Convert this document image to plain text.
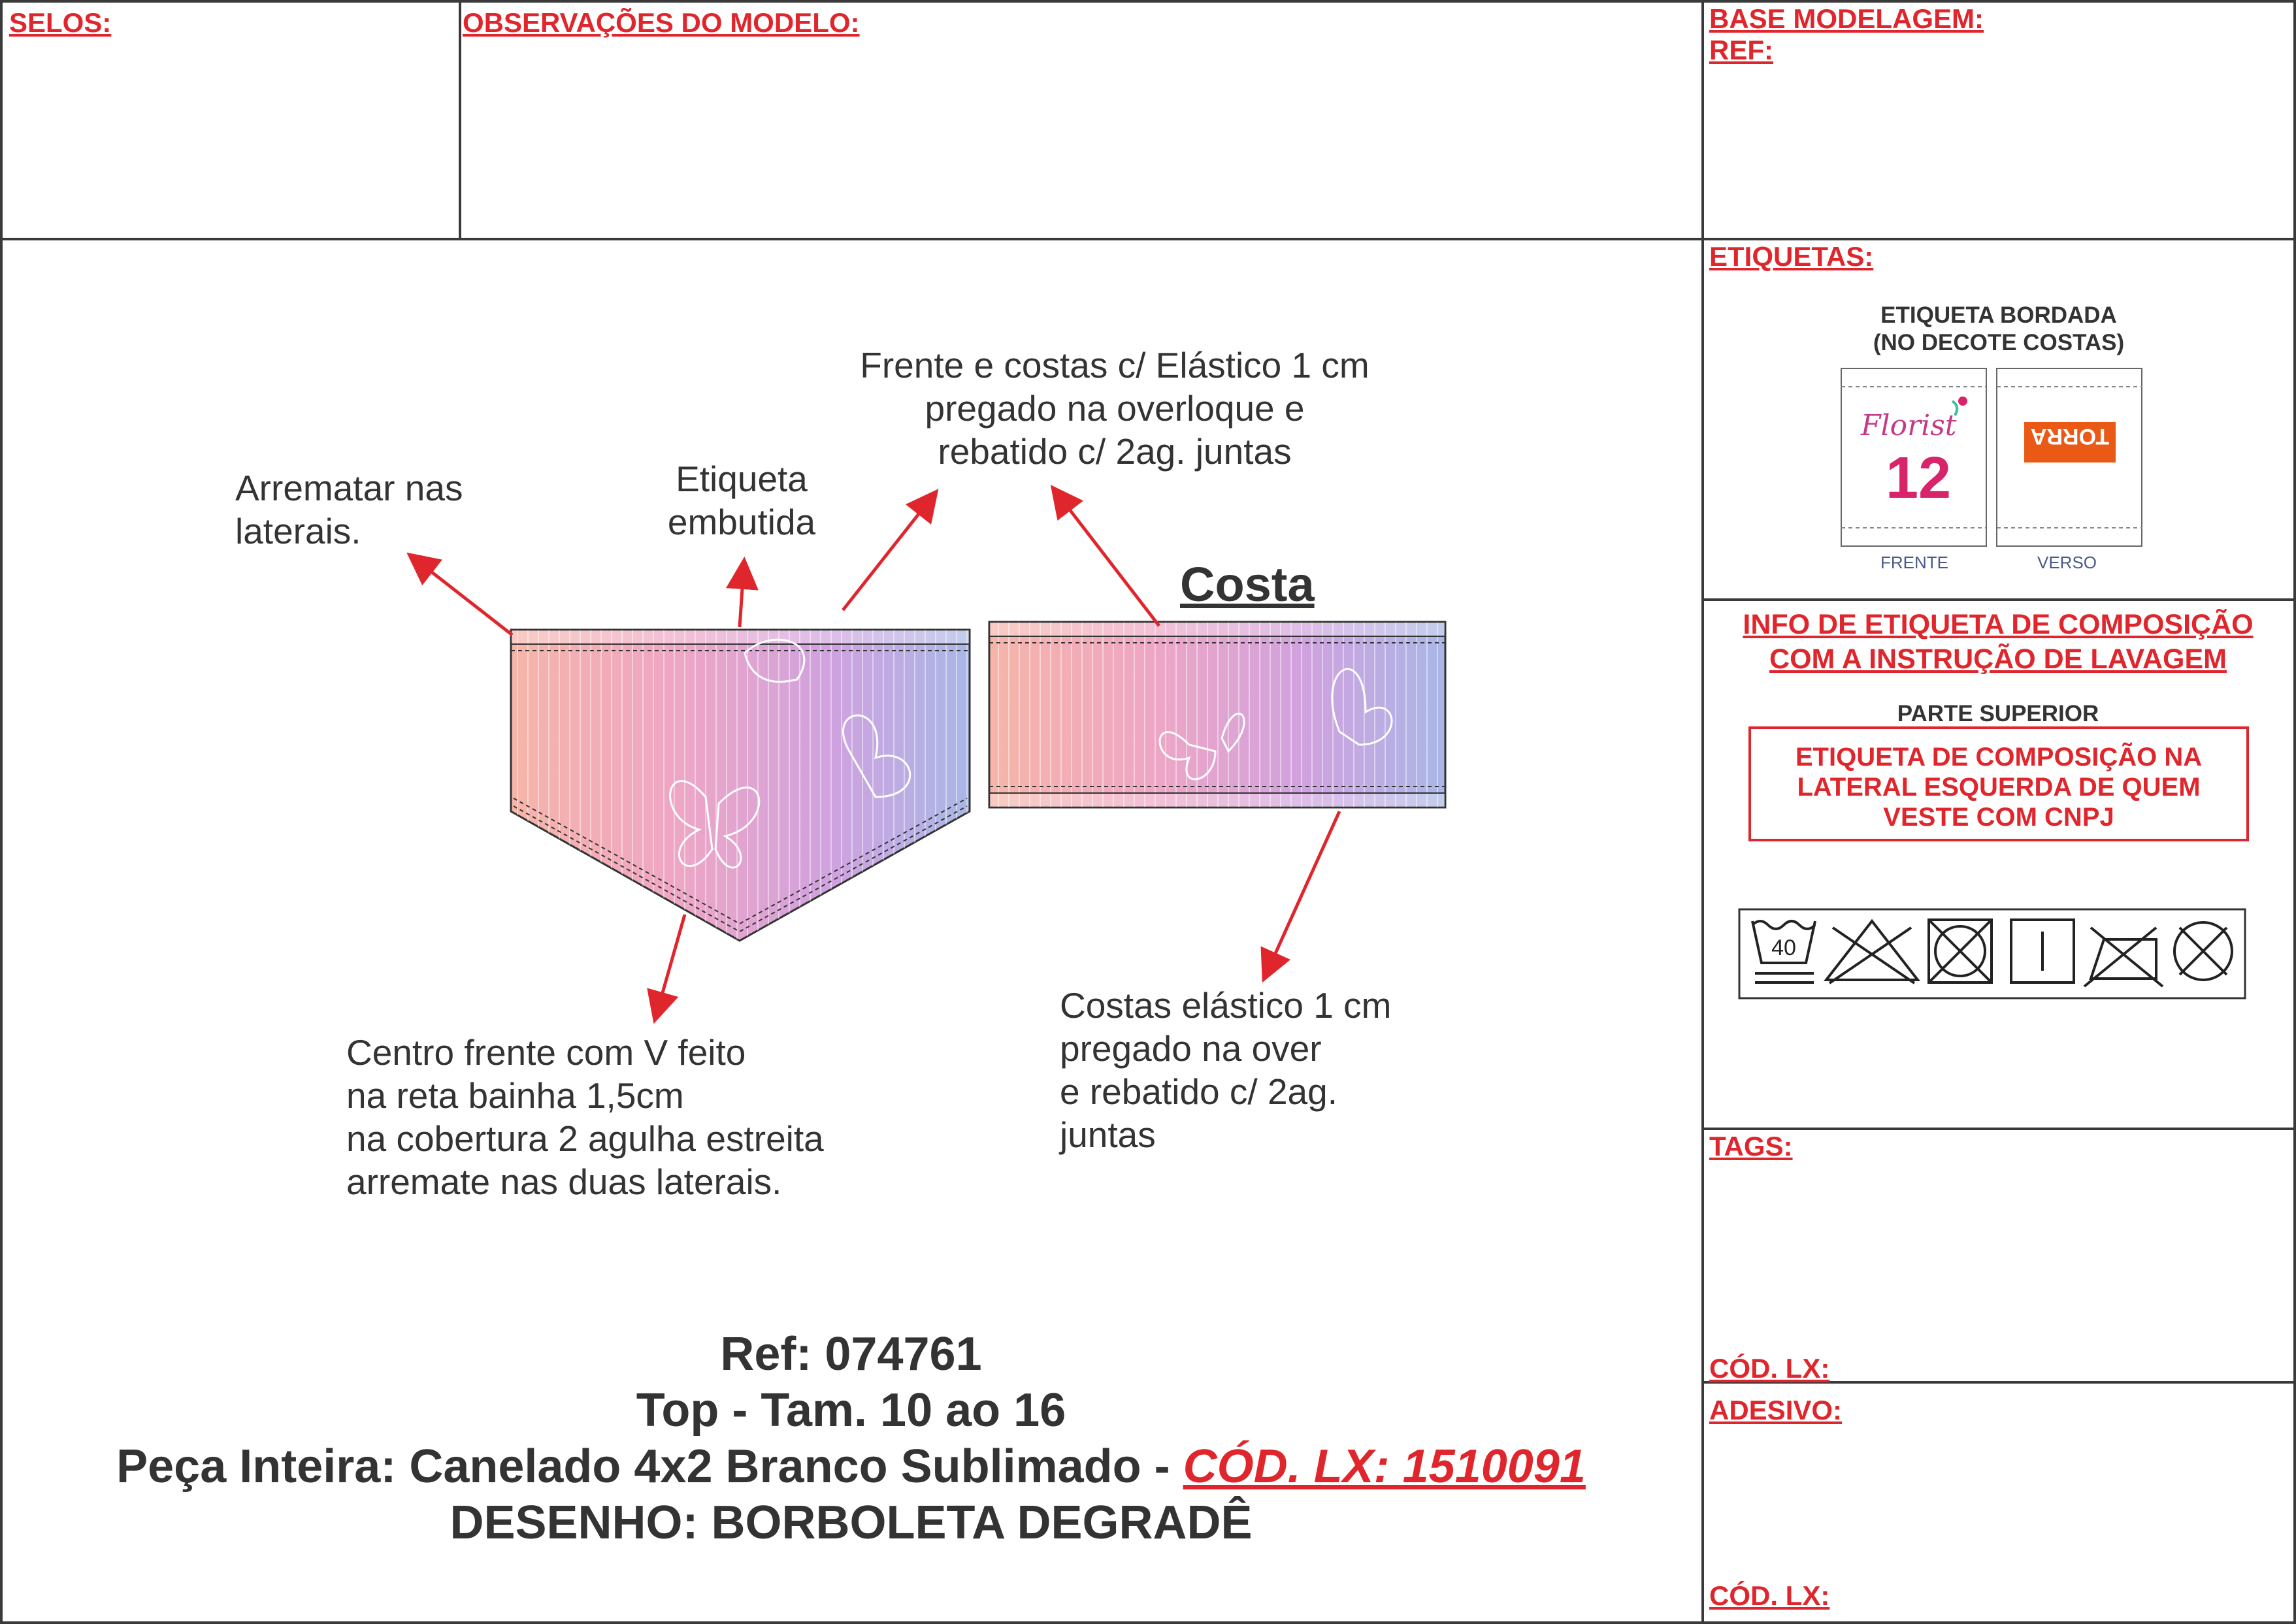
SELOS:	OBSERVAÇÕES DO MODELO:	BASE MODELAGEM:
REF:
Arrematar nas
laterais.
Etiqueta
embutida
Frente e costas c/ Elástico 1 cm
pregado na overloque e
rebatido c/ 2ag. juntas
Costa
Centro frente com V feito
na reta bainha 1,5cm
na cobertura 2 agulha estreita
arremate nas duas laterais.
Costas elástico 1 cm
pregado na over
e rebatido c/ 2ag.
juntas
Ref: 074761
Top - Tam. 10 ao 16
Peça Inteira: Canelado 4x2 Branco Sublimado - CÓD. LX: 1510091
DESENHO: BORBOLETA DEGRADÊ
ETIQUETAS:
ETIQUETA BORDADA
(NO DECOTE COSTAS)
Florist
12
TORRA
FRENTE	VERSO
INFO DE ETIQUETA DE COMPOSIÇÃO
COM A INSTRUÇÃO DE LAVAGEM
PARTE SUPERIOR
ETIQUETA DE COMPOSIÇÃO NA
LATERAL ESQUERDA DE QUEM
VESTE COM CNPJ
40
TAGS:
CÓD. LX:
ADESIVO:
CÓD. LX:
